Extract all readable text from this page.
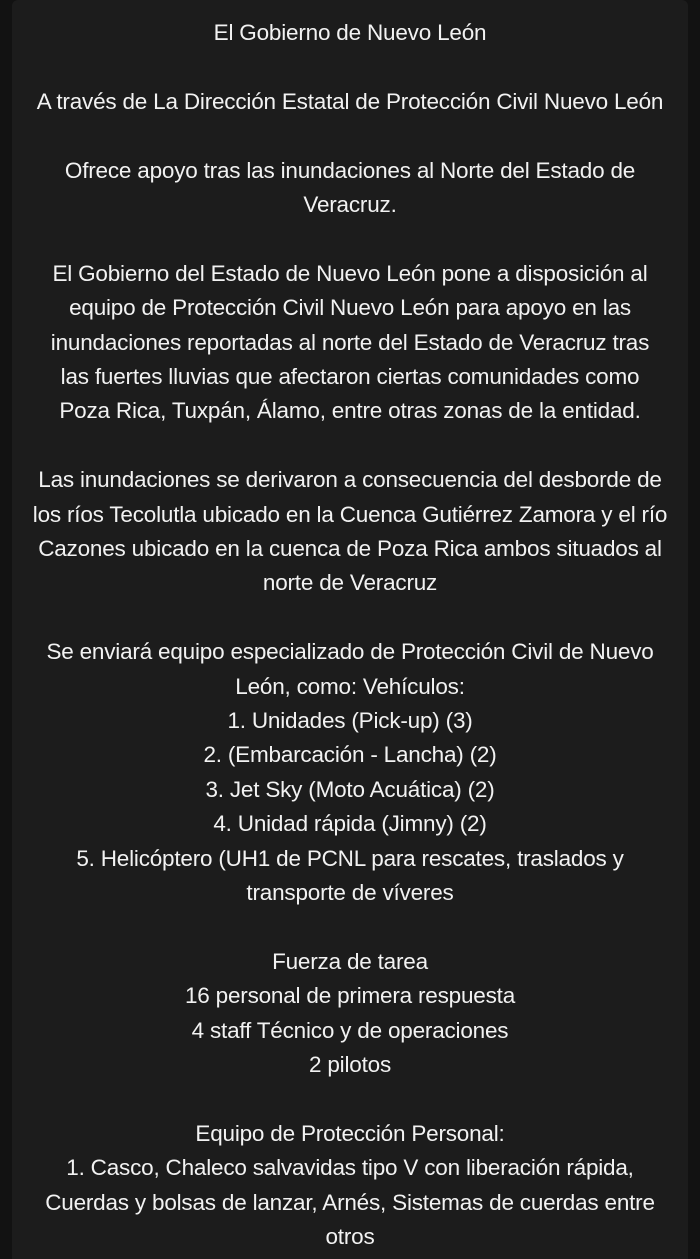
El Gobierno de Nuevo León
A través de La Dirección Estatal de Protección Civil Nuevo León
Ofrece apoyo tras las inundaciones al Norte del Estado de
Veracruz.
El Gobierno del Estado de Nuevo León pone a disposición al
equipo de Protección Civil Nuevo León para apoyo en las
inundaciones reportadas al norte del Estado de Veracruz tras
las fuertes lluvias que afectaron ciertas comunidades como
Poza Rica, Tuxpán, Álamo, entre otras zonas de la entidad.
Las inundaciones se derivaron a consecuencia del desborde de
los ríos Tecolutla ubicado en la Cuenca Gutiérrez Zamora y el río
Cazones ubicado en la cuenca de Poza Rica ambos situados al
norte de Veracruz
Se enviará equipo especializado de Protección Civil de Nuevo
León, como: Vehículos:
1. Unidades (Pick-up) (3)
2. (Embarcación - Lancha) (2)
3. Jet Sky (Moto Acuática) (2)
4. Unidad rápida (Jimny) (2)
5. Helicóptero (UH1 de PCNL para rescates, traslados y
transporte de víveres
Fuerza de tarea
16 personal de primera respuesta
4 staff Técnico y de operaciones
2 pilotos
Equipo de Protección Personal:
1. Casco, Chaleco salvavidas tipo V con liberación rápida,
Cuerdas y bolsas de lanzar, Arnés, Sistemas de cuerdas entre
otros
